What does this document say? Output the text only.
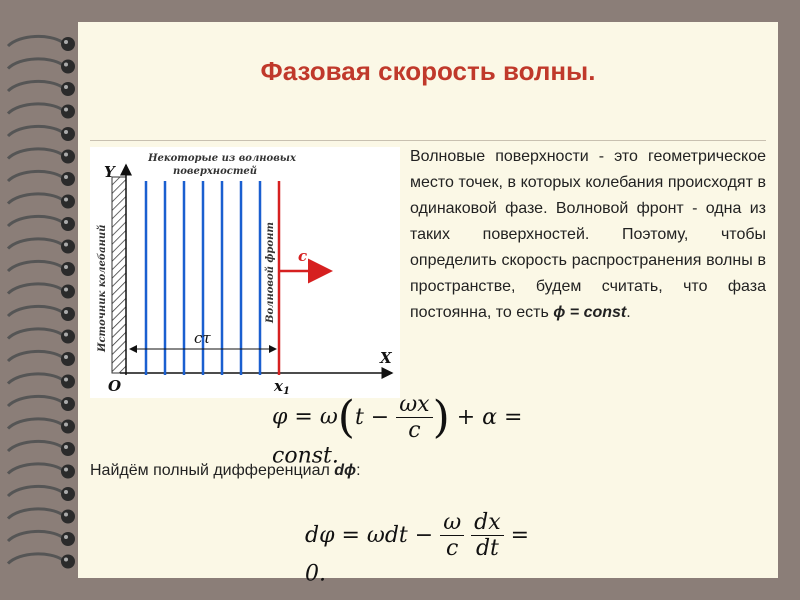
Фазовая скорость волны.
Некоторые из волновых поверхностей
Y
X
O	$x_1$
Источник колебаний	Волновой фронт c
cτ

Волновые поверхности - это геометрическое место точек, в которых колебания происходят в одинаковой фазе. Волновой фронт - одна из таких поверхностей. Поэтому, чтобы определить скорость распространения волны в пространстве, будем считать, что фаза постоянна, то есть ϕ = const.

$\varphi = \omega(t - \frac{\omega x}{c}$ ) + α = const.
Найдём полный дифференциал dϕ:
$d\varphi = \omega dt - \frac{\omega}{c}$
$\frac{dx}{dt} = 0$.
